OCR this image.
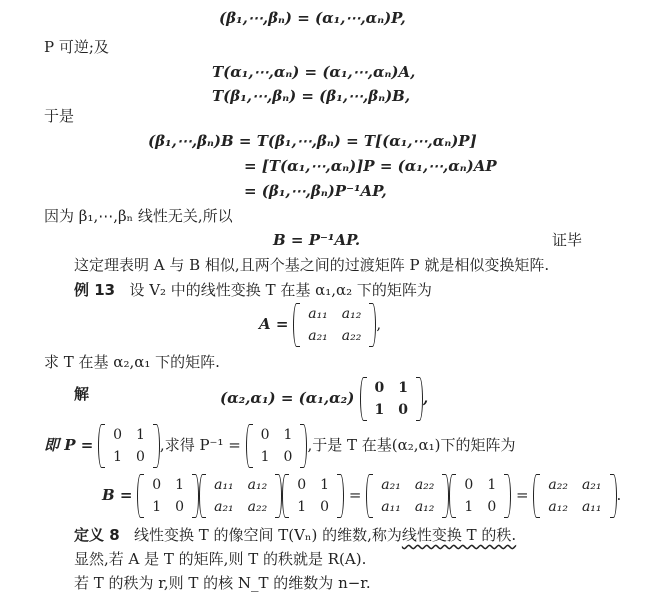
(β₁,⋯,βₙ) = (α₁,⋯,αₙ)P,
P 可逆;及
T(α₁,⋯,αₙ) = (α₁,⋯,αₙ)A,
T(β₁,⋯,βₙ) = (β₁,⋯,βₙ)B,
于是
(β₁,⋯,βₙ)B = T(β₁,⋯,βₙ) = T[(α₁,⋯,αₙ)P]
= [T(α₁,⋯,αₙ)]P = (α₁,⋯,αₙ)AP
= (β₁,⋯,βₙ)P⁻¹AP,
因为 β₁,⋯,βₙ 线性无关,所以
B = P⁻¹AP.	证毕
这定理表明 A 与 B 相似,且两个基之间的过渡矩阵 P 就是相似变换矩阵.
例 13 设 V₂ 中的线性变换 T 在基 α₁,α₂ 下的矩阵为
A =
a₁₁	a₁₂
a₂₁	a₂₂
,
求 T 在基 α₂,α₁ 下的矩阵.
解	(α₂,α₁) = (α₁,α₂)
0	1
1	0
,
即 P =
0	1
1	0
,求得 P⁻¹ =
0	1
1	0
,于是 T 在基(α₂,α₁)下的矩阵为
B =
0	1
1	0
a₁₁	a₁₂
a₂₁	a₂₂
0	1
1	0
=
a₂₁	a₂₂
a₁₁	a₁₂
0	1
1	0
=
a₂₂	a₂₁
a₁₂	a₁₁
.
定义 8 线性变换 T 的像空间 T(Vₙ) 的维数,称为线性变换 T 的秩.
显然,若 A 是 T 的矩阵,则 T 的秩就是 R(A).
若 T 的秩为 r,则 T 的核 N_T 的维数为 n−r.
